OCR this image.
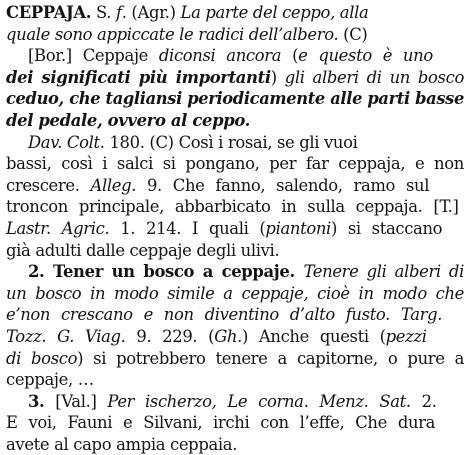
CEPPAJA. S. f. (Agr.) La parte del ceppo, alla
quale sono appiccate le radici dell’albero. (C)
[Bor.] Ceppaje diconsi ancora (e questo è uno
dei significati più importanti) gli alberi di un bosco
ceduo, che tagliansi periodicamente alle parti basse
del pedale, ovvero al ceppo.
Dav. Colt. 180. (C) Così i rosai, se gli vuoi
bassi, così i salci si pongano, per far ceppaja, e non
crescere. Alleg. 9. Che fanno, salendo, ramo sul
troncon principale, abbarbicato in sulla ceppaja. [T.]
Lastr. Agric. 1. 214. I quali (piantoni) si staccano
già adulti dalle ceppaje degli ulivi.
2. Tener un bosco a ceppaje. Tenere gli alberi di
un bosco in modo simile a ceppaje, cioè in modo che
e’non crescano e non diventino d’alto fusto. Targ.
Tozz. G. Viag. 9. 229. (Gh.) Anche questi (pezzi
di bosco) si potrebbero tenere a capitorne, o pure a
ceppaje, …
3. [Val.] Per ischerzo, Le corna. Menz. Sat. 2.
E voi, Fauni e Silvani, irchi con l’effe, Che dura
avete al capo ampia ceppaia.
